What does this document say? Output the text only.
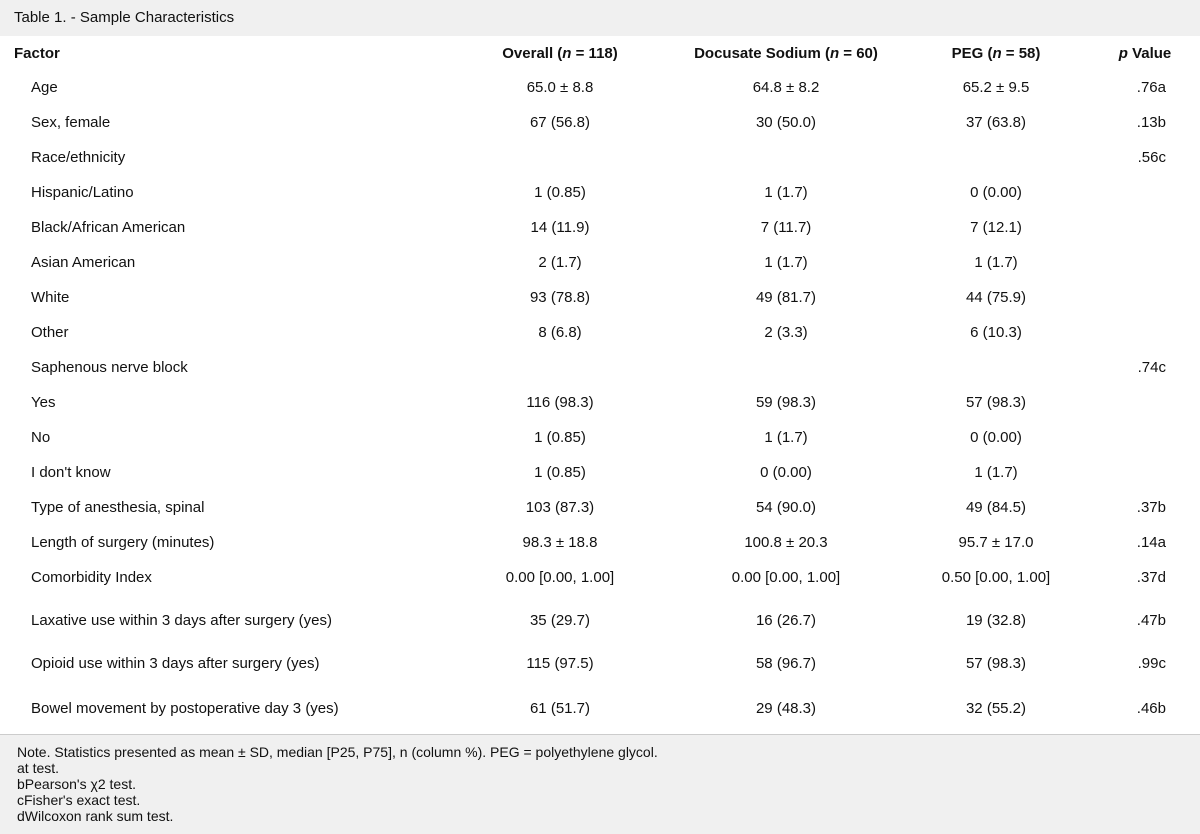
Table 1. - Sample Characteristics
Factor	Overall (n = 118)	Docusate Sodium (n = 60)	PEG (n = 58)	p Value
Age	65.0 ± 8.8	64.8 ± 8.2	65.2 ± 9.5	.76a
Sex, female	67 (56.8)	30 (50.0)	37 (63.8)	.13b
Race/ethnicity				.56c
Hispanic/Latino	1 (0.85)	1 (1.7)	0 (0.00)	
Black/African American	14 (11.9)	7 (11.7)	7 (12.1)	
Asian American	2 (1.7)	1 (1.7)	1 (1.7)	
White	93 (78.8)	49 (81.7)	44 (75.9)	
Other	8 (6.8)	2 (3.3)	6 (10.3)	
Saphenous nerve block				.74c
Yes	116 (98.3)	59 (98.3)	57 (98.3)	
No	1 (0.85)	1 (1.7)	0 (0.00)	
I don't know	1 (0.85)	0 (0.00)	1 (1.7)	
Type of anesthesia, spinal	103 (87.3)	54 (90.0)	49 (84.5)	.37b
Length of surgery (minutes)	98.3 ± 18.8	100.8 ± 20.3	95.7 ± 17.0	.14a
Comorbidity Index	0.00 [0.00, 1.00]	0.00 [0.00, 1.00]	0.50 [0.00, 1.00]	.37d
Laxative use within 3 days after surgery (yes)	35 (29.7)	16 (26.7)	19 (32.8)	.47b
Opioid use within 3 days after surgery (yes)	115 (97.5)	58 (96.7)	57 (98.3)	.99c
Bowel movement by postoperative day 3 (yes)	61 (51.7)	29 (48.3)	32 (55.2)	.46b
Note. Statistics presented as mean ± SD, median [P25, P75], n (column %). PEG = polyethylene glycol.
at test.
bPearson's χ2 test.
cFisher's exact test.
dWilcoxon rank sum test.
